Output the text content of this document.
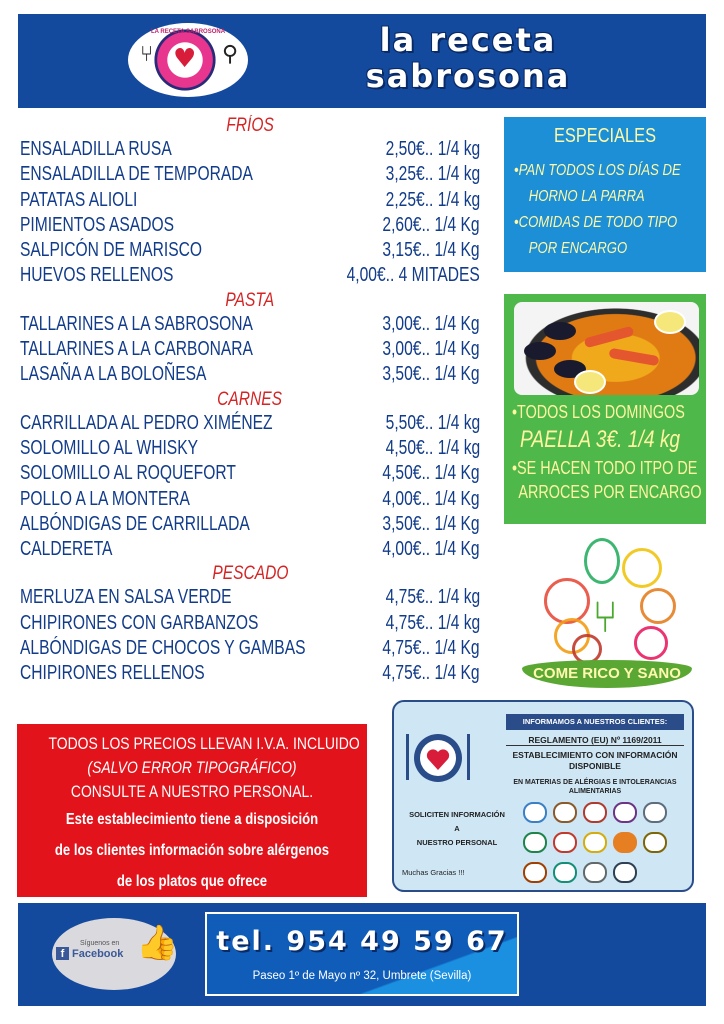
LA RECETA SABROSONA
♥
⑂	⚲	la receta
sabrosona
FRÍOS
ENSALADILLA RUSA	2,50€.. 1/4 kg
ENSALADILLA DE TEMPORADA	3,25€.. 1/4 kg
PATATAS ALIOLI	2,25€.. 1/4 kg
PIMIENTOS ASADOS	2,60€.. 1/4 Kg
SALPICÓN DE MARISCO	3,15€.. 1/4 Kg
HUEVOS RELLENOS	4,00€.. 4 MITADES
PASTA
TALLARINES A LA SABROSONA	3,00€.. 1/4 Kg
TALLARINES A LA CARBONARA	3,00€.. 1/4 Kg
LASAÑA A LA BOLOÑESA	3,50€.. 1/4 Kg
CARNES
CARRILLADA AL PEDRO XIMÉNEZ	5,50€.. 1/4 kg
SOLOMILLO AL WHISKY	4,50€.. 1/4 kg
SOLOMILLO AL ROQUEFORT	4,50€.. 1/4 Kg
POLLO A LA MONTERA	4,00€.. 1/4 Kg
ALBÓNDIGAS DE CARRILLADA	3,50€.. 1/4 Kg
CALDERETA	4,00€.. 1/4 Kg
PESCADO
MERLUZA EN SALSA VERDE	4,75€.. 1/4 kg
CHIPIRONES CON GARBANZOS	4,75€.. 1/4 kg
ALBÓNDIGAS DE CHOCOS Y GAMBAS	4,75€.. 1/4 Kg
CHIPIRONES RELLENOS	4,75€.. 1/4 Kg
ESPECIALES
•PAN TODOS LOS DÍAS DE
HORNO LA PARRA
•COMIDAS DE TODO TIPO
POR ENCARGO
•TODOS LOS DOMINGOS
PAELLA 3€. 1/4 kg
•SE HACEN TODO ITPO DE
ARROCES POR ENCARGO
⑂
COME RICO Y SANO
TODOS LOS PRECIOS LLEVAN I.V.A. INCLUIDO
(SALVO ERROR TIPOGRÁFICO)
CONSULTE A NUESTRO PERSONAL.
Este establecimiento tiene a disposición
de los clientes información sobre alérgenos
de los platos que ofrece
INFORMAMOS A NUESTROS CLIENTES:
REGLAMENTO (EU) Nº 1169/2011
ESTABLECIMIENTO CON INFORMACIÓN DISPONIBLE
EN MATERIAS DE ALÉRGIAS E INTOLERANCIAS ALIMENTARIAS
SOLICITEN INFORMACIÓN
A
NUESTRO PERSONAL
Muchas Gracias !!!
Síguenos en
f Facebook 👍	tel. 954 49 59 67
Paseo 1º de Mayo nº 32, Umbrete (Sevilla)
